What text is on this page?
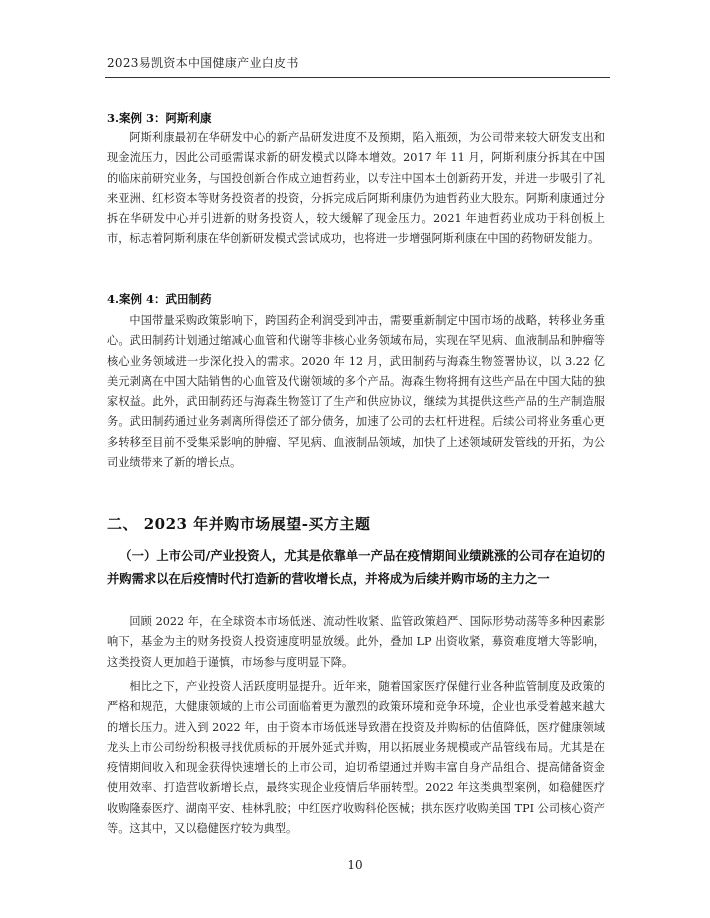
2023易凯资本中国健康产业白皮书
3.案例 3：阿斯利康

阿斯利康最初在华研发中心的新产品研发进度不及预期，陷入瓶颈，为公司带来较大研发支出和现金流压力，因此公司亟需谋求新的研发模式以降本增效。2017 年 11 月，阿斯利康分拆其在中国的临床前研究业务，与国投创新合作成立迪哲药业，以专注中国本土创新药开发，并进一步吸引了礼来亚洲、红杉资本等财务投资者的投资，分拆完成后阿斯利康仍为迪哲药业大股东。阿斯利康通过分拆在华研发中心并引进新的财务投资人，较大缓解了现金压力。2021 年迪哲药业成功于科创板上市，标志着阿斯利康在华创新研发模式尝试成功，也将进一步增强阿斯利康在中国的药物研发能力。

4.案例 4：武田制药

中国带量采购政策影响下，跨国药企利润受到冲击，需要重新制定中国市场的战略，转移业务重心。武田制药计划通过缩减心血管和代谢等非核心业务领域布局，实现在罕见病、血液制品和肿瘤等核心业务领域进一步深化投入的需求。2020 年 12 月，武田制药与海森生物签署协议，以 3.22 亿美元剥离在中国大陆销售的心血管及代谢领域的多个产品。海森生物将拥有这些产品在中国大陆的独家权益。此外，武田制药还与海森生物签订了生产和供应协议，继续为其提供这些产品的生产制造服务。武田制药通过业务剥离所得偿还了部分债务，加速了公司的去杠杆进程。后续公司将业务重心更多转移至目前不受集采影响的肿瘤、罕见病、血液制品领域，加快了上述领域研发管线的开拓，为公司业绩带来了新的增长点。

二、 2023 年并购市场展望-买方主题

（一）上市公司/产业投资人，尤其是依靠单一产品在疫情期间业绩跳涨的公司存在迫切的并购需求以在后疫情时代打造新的营收增长点，并将成为后续并购市场的主力之一

回顾 2022 年，在全球资本市场低迷、流动性收紧、监管政策趋严、国际形势动荡等多种因素影响下，基金为主的财务投资人投资速度明显放缓。此外，叠加 LP 出资收紧，募资难度增大等影响，这类投资人更加趋于谨慎，市场参与度明显下降。

相比之下，产业投资人活跃度明显提升。近年来，随着国家医疗保健行业各种监管制度及政策的严格和规范，大健康领域的上市公司面临着更为激烈的政策环境和竞争环境，企业也承受着越来越大的增长压力。进入到 2022 年，由于资本市场低迷导致潜在投资及并购标的估值降低，医疗健康领域龙头上市公司纷纷积极寻找优质标的开展外延式并购，用以拓展业务规模或产品管线布局。尤其是在疫情期间收入和现金获得快速增长的上市公司，迫切希望通过并购丰富自身产品组合、提高储备资金使用效率、打造营收新增长点，最终实现企业疫情后华丽转型。2022 年这类典型案例，如稳健医疗收购隆泰医疗、湖南平安、桂林乳胶；中红医疗收购科伦医械；拱东医疗收购美国 TPI 公司核心资产等。这其中，又以稳健医疗较为典型。

10
